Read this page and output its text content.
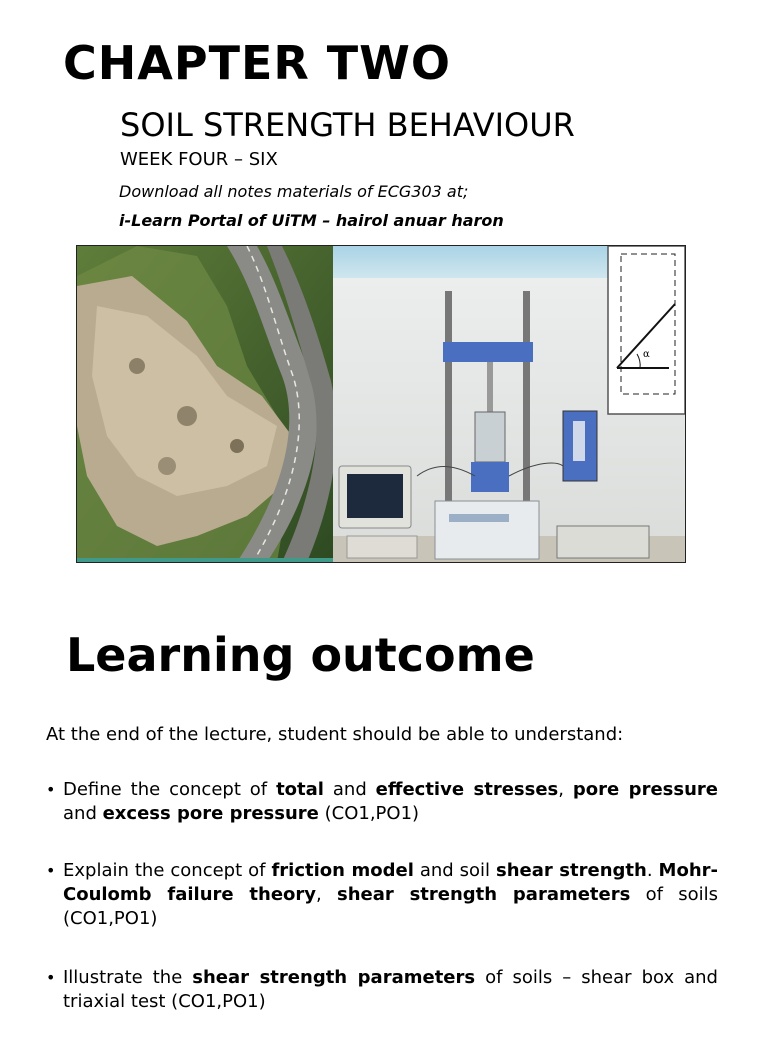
CHAPTER TWO
SOIL STRENGTH BEHAVIOUR
WEEK FOUR – SIX
Download all notes materials of ECG303 at;
i-Learn Portal of UiTM – hairol anuar haron
α
Learning outcome
At the end of the lecture, student should be able to understand:
• Define the concept of total and effective stresses, pore pressure and excess pore pressure (CO1,PO1)
• Explain the concept of friction model and soil shear strength. Mohr-Coulomb failure theory, shear strength parameters of soils (CO1,PO1)
• Illustrate the shear strength parameters of soils – shear box and triaxial test (CO1,PO1)
